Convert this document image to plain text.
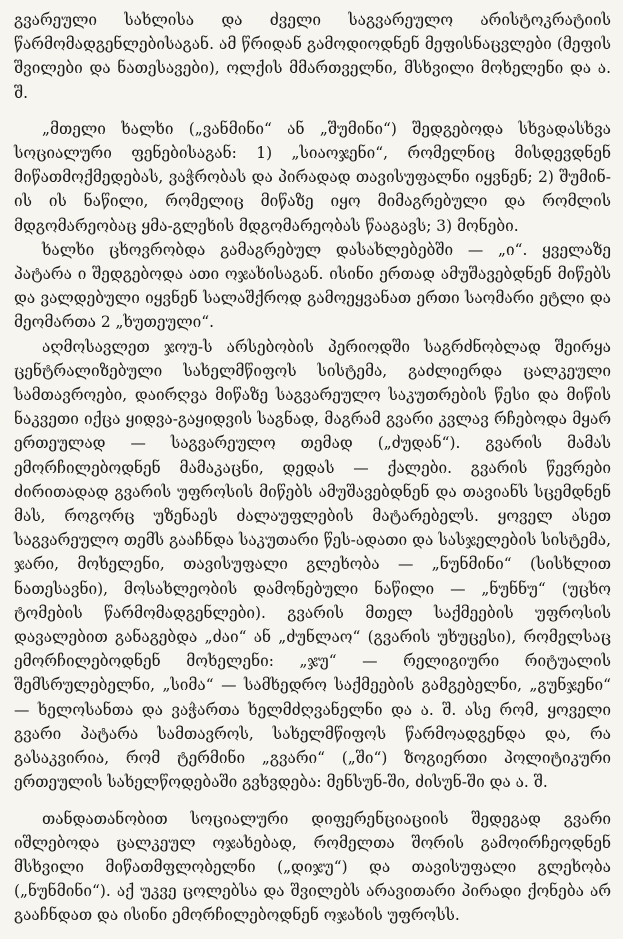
გვარეული სახლისა და ძველი საგვარეულო არისტოკრატიის წარმომადგენლებისაგან. ამ წრიდან გამოდიოდნენ მეფისნაცვლები (მეფის შვილები და ნათესავები), ოლქის მმართველნი, მსხვილი მოხელენი და ა. შ.

„მთელი ხალხი („ვანმინი“ ან „შუმინი“) შედგებოდა სხვადასხვა სოციალური ფენებისაგან: 1) „სიაოჯენი“, რომელნიც მისდევდნენ მიწათმოქმედებას, ვაჭრობას და პირადად თავისუფალნი იყვნენ; 2) შუმინ-ის ის ნაწილი, რომელიც მიწაზე იყო მიმაგრებული და რომლის მდგომარეობაც ყმა-გლეხის მდგომარეობას წააგავს; 3) მონები.

ხალხი ცხოვრობდა გამაგრებულ დასახლებებში — „ი“. ყველაზე პატარა ი შედგებოდა ათი ოჯახისაგან. ისინი ერთად ამუშავებდნენ მიწებს და ვალდებული იყვნენ სალაშქროდ გამოეყვანათ ერთი საომარი ეტლი და მეომართა 2 „ხუთეული“.

აღმოსავლეთ ჯოუ-ს არსებობის პერიოდში საგრძნობლად შეირყა ცენტრალიზებული სახელმწიფოს სისტემა, გაძლიერდა ცალკეული სამთავროები, დაირღვა მიწაზე საგვარეულო საკუთრების წესი და მიწის ნაკვეთი იქცა ყიდვა-გაყიდვის საგნად, მაგრამ გვარი კვლავ რჩებოდა მყარ ერთეულად — საგვარეულო თემად („ძუდან“). გვარის მამას ემორჩილებოდნენ მამაკაცნი, დედას — ქალები. გვარის წევრები ძირითადად გვარის უფროსის მიწებს ამუშავებდნენ და თავიანს სცემდნენ მას, როგორც უზენაეს ძალაუფლების მატარებელს. ყოველ ასეთ საგვარეულო თემს გააჩნდა საკუთარი წეს-ადათი და სასჯელების სისტემა, ჯარი, მოხელენი, თავისუფალი გლეხობა — „ნუნმინი“ (სისხლით ნათესავნი), მოსახლეობის დამონებული ნაწილი — „ნუნნუ“ (უცხო ტომების წარმომადგენლები). გვარის მთელ საქმეების უფროსის დავალებით განაგებდა „ძაი“ ან „ძუნლაო“ (გვარის უხუცესი), რომელსაც ემორჩილებოდნენ მოხელენი: „ჯუ“ — რელიგიური რიტუალის შემსრულებელნი, „სიმა“ — სამხედრო საქმეების გამგებელნი, „გუნჯენი“ — ხელოსანთა და ვაჭართა ხელმძღვანელნი და ა. შ. ასე რომ, ყოველი გვარი პატარა სამთავროს, სახელმწიფოს წარმოადგენდა და, რა გასაკვირია, რომ ტერმინი „გვარი“ („ში“) ზოგიერთი პოლიტიკური ერთეულის სახელწოდებაში გვხვდება: მენსუნ-ში, ძისუნ-ში და ა. შ.

თანდათანობით სოციალური დიფერენციაციის შედეგად გვარი იშლებოდა ცალკეულ ოჯახებად, რომელთა შორის გამოირჩეოდნენ მსხვილი მიწათმფლობელნი („დიჯუ“) და თავისუფალი გლეხობა („ნუნმინი“). აქ უკვე ცოლებსა და შვილებს არავითარი პირადი ქონება არ გააჩნდათ და ისინი ემორჩილებოდნენ ოჯახის უფროსს.
